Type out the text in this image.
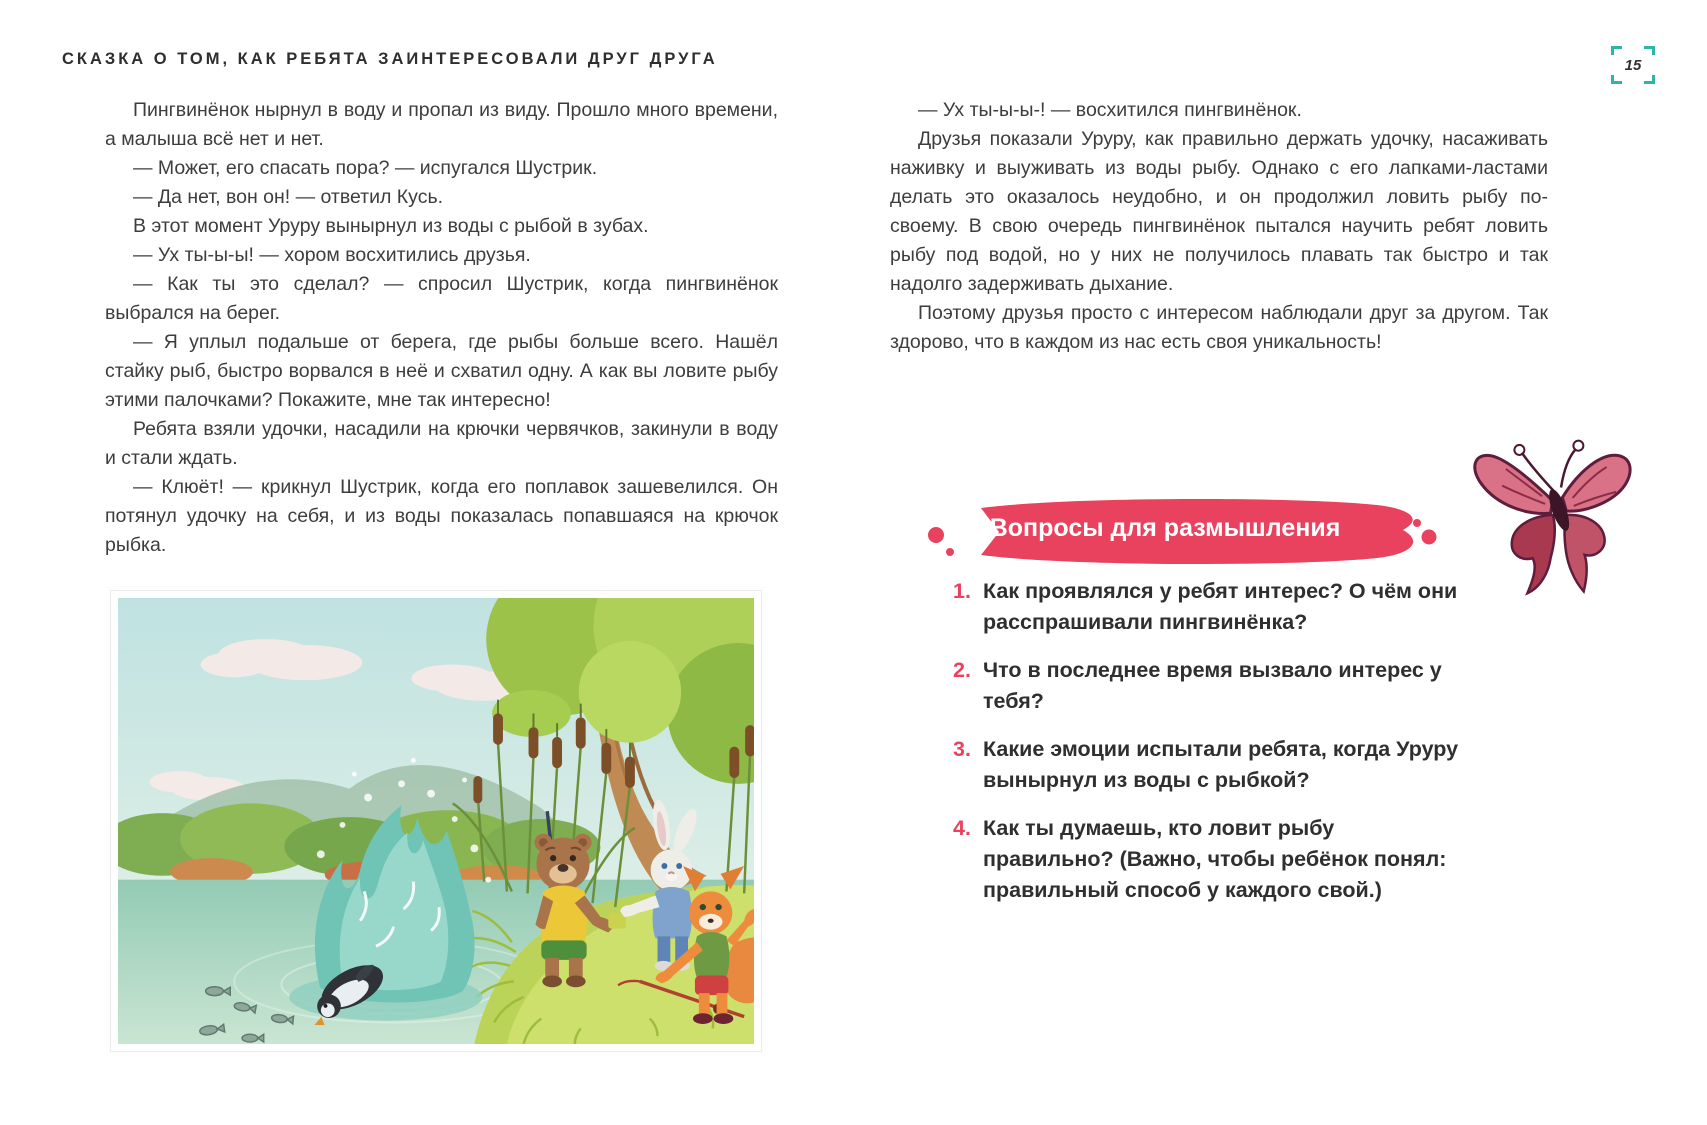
СКАЗКА О ТОМ, КАК РЕБЯТА ЗАИНТЕРЕСОВАЛИ ДРУГ ДРУГА	15

Пингвинёнок нырнул в воду и пропал из виду. Прошло много времени, а малыша всё нет и нет.

— Может, его спасать пора? — испугался Шустрик.

— Да нет, вон он! — ответил Кусь.

В этот момент Уруру вынырнул из воды с рыбой в зубах.

— Ух ты-ы-ы! — хором восхитились друзья.

— Как ты это сделал? — спросил Шустрик, когда пингвинёнок выбрался на берег.

— Я уплыл подальше от берега, где рыбы больше всего. Нашёл стайку рыб, быстро ворвался в неё и схватил одну. А как вы ловите рыбу этими палочками? Покажите, мне так интересно!

Ребята взяли удочки, насадили на крючки червячков, закинули в воду и стали ждать.

— Клюёт! — крикнул Шустрик, когда его поплавок зашевелился. Он потянул удочку на себя, и из воды показалась попавшаяся на крючок рыбка.

— Ух ты-ы-ы-! — восхитился пингвинёнок.

Друзья показали Уруру, как правильно держать удочку, насаживать наживку и выуживать из воды рыбу. Однако с его лапками-ластами делать это оказалось неудобно, и он продолжил ловить рыбу по-своему. В свою очередь пингвинёнок пытался научить ребят ловить рыбу под водой, но у них не получилось плавать так быстро и так надолго задерживать дыхание.

Поэтому друзья просто с интересом наблюдали друг за другом. Так здорово, что в каждом из нас есть своя уникальность!

Вопросы для размышления
1. Как проявлялся у ребят интерес? О чём они расспрашивали пингвинёнка?
2. Что в последнее время вызвало интерес у тебя?
3. Какие эмоции испытали ребята, когда Уруру вынырнул из воды с рыбкой?
4. Как ты думаешь, кто ловит рыбу правильно? (Важно, чтобы ребёнок понял: правильный способ у каждого свой.)
